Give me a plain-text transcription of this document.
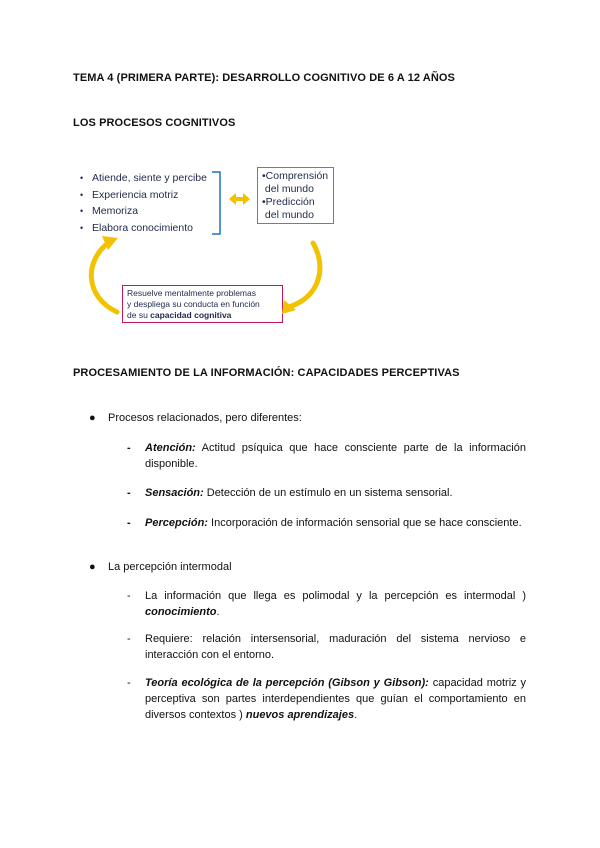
TEMA 4 (PRIMERA PARTE): DESARROLLO COGNITIVO DE 6 A 12 AÑOS
LOS PROCESOS COGNITIVOS
• Atiende, siente y percibe
• Experiencia motriz
• Memoriza
• Elabora conocimiento
•Comprensión
del mundo
•Predicción
del mundo
Resuelve mentalmente problemas
y despliega su conducta en función
de su capacidad cognitiva
PROCESAMIENTO DE LA INFORMACIÓN: CAPACIDADES PERCEPTIVAS
● Procesos relacionados, pero diferentes:
- Atención: Actitud psíquica que hace consciente parte de la información disponible.
- Sensación: Detección de un estímulo en un sistema sensorial.
- Percepción: Incorporación de información sensorial que se hace consciente.
● La percepción intermodal
- La información que llega es polimodal y la percepción es intermodal ) conocimiento.
- Requiere: relación intersensorial, maduración del sistema nervioso e interacción con el entorno.
- Teoría ecológica de la percepción (Gibson y Gibson): capacidad motriz y perceptiva son partes interdependientes que guían el comportamiento en diversos contextos ) nuevos aprendizajes.
